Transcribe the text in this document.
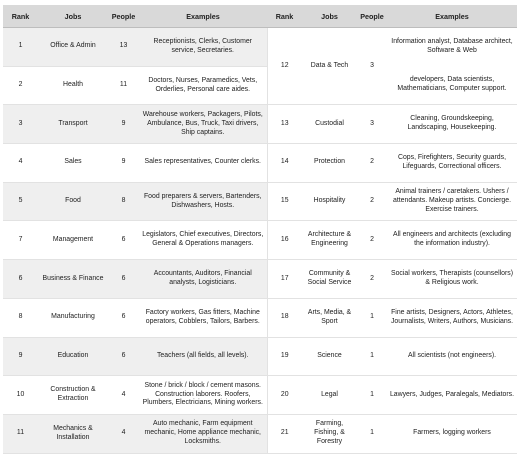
Rank	Jobs	People	Examples	Rank	Jobs	People	Examples
1	Office & Admin	13	Receptionists, Clerks, Customer service, Secretaries.	12	Data & Tech	3	Information analyst, Database architect, Software & Web
2	Health	11	Doctors, Nurses, Paramedics, Vets, Orderlies, Personal care aides.				developers, Data scientists, Mathematicians, Computer support.
3	Transport	9	Warehouse workers, Packagers, Pilots, Ambulance, Bus, Truck, Taxi drivers, Ship captains.	13	Custodial	3	Cleaning, Groundskeeping, Landscaping, Housekeeping.
4	Sales	9	Sales representatives, Counter clerks.	14	Protection	2	Cops, Firefighters, Security guards, Lifeguards, Correctional officers.
5	Food	8	Food preparers & servers, Bartenders, Dishwashers, Hosts.	15	Hospitality	2	Animal trainers / caretakers. Ushers / attendants. Makeup artists. Concierge. Exercise trainers.
7	Management	6	Legislators, Chief executives, Directors, General & Operations managers.	16	Architecture & Engineering	2	All engineers and architects (excluding the information industry).
6	Business & Finance	6	Accountants, Auditors, Financial analysts, Logisticians.	17	Community & Social Service	2	Social workers, Therapists (counsellors) & Religious work.
8	Manufacturing	6	Factory workers, Gas fitters, Machine operators, Cobblers, Tailors, Barbers.	18	Arts, Media, & Sport	1	Fine artists, Designers, Actors, Athletes, Journalists, Writers, Authors, Musicians.
9	Education	6	Teachers (all fields, all levels).	19	Science	1	All scientists (not engineers).
10	Construction & Extraction	4	Stone / brick / block / cement masons. Construction laborers. Roofers, Plumbers, Electricians, Mining workers.	20	Legal	1	Lawyers, Judges, Paralegals, Mediators.
11	Mechanics & Installation	4	Auto mechanic, Farm equipment mechanic, Home appliance mechanic, Locksmiths.	21	Farming, Fishing, & Forestry	1	Farmers, logging workers
